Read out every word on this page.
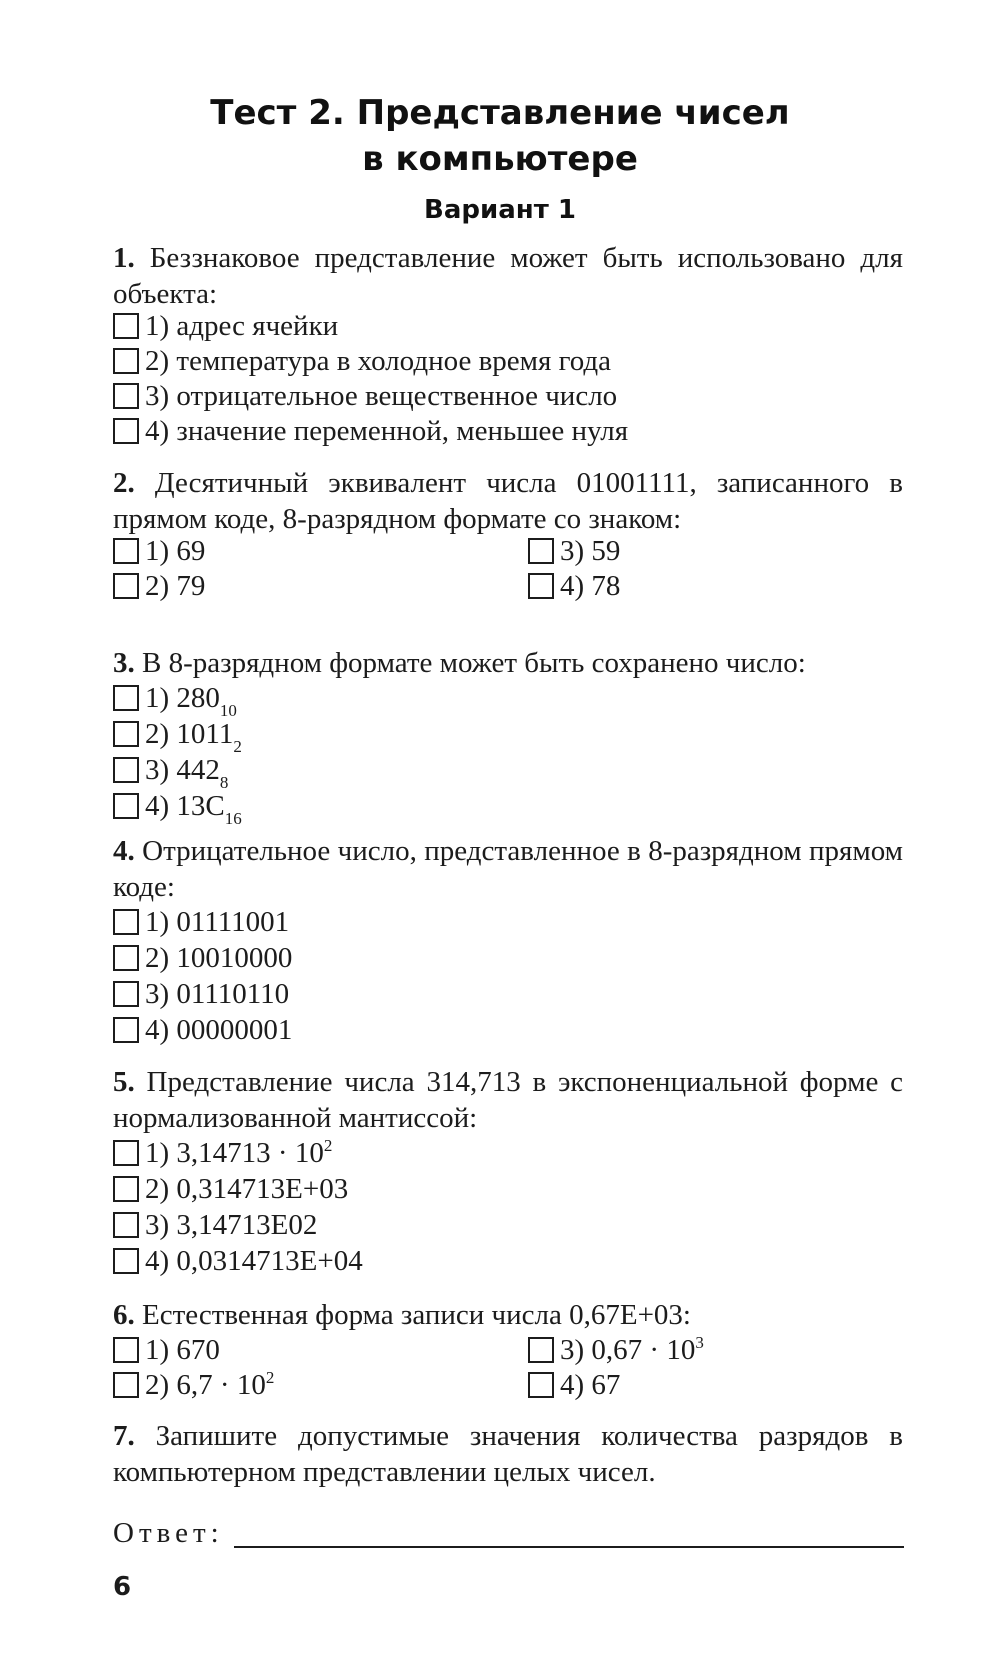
Тест 2. Представление чисел
в компьютере
Вариант 1
1. Беззнаковое представление может быть использовано для объекта:
1) адрес ячейки
2) температура в холодное время года
3) отрицательное вещественное число
4) значение переменной, меньшее нуля
2. Десятичный эквивалент числа 01001111, записанного в прямом коде, 8-разрядном формате со знаком:
1) 69
2) 79
3) 59
4) 78
3. В 8-разрядном формате может быть сохранено число:
1) $280_{10}$
2) $1011_2$
3) $442_8$
4) $13C_{16}$
4. Отрицательное число, представленное в 8-разрядном прямом коде:
1) 01111001
2) 10010000
3) 01110110
4) 00000001
5. Представление числа 314,713 в экспоненциальной форме с нормализованной мантиссой:
1) $3,14713 \cdot 10^2$
2) 0,314713E+03
3) 3,14713E02
4) 0,0314713E+04
6. Естественная форма записи числа 0,67E+03:
1) 670
2) $6,7 \cdot 10^2$
3) $0,67 \cdot 10^3$
4) 67
7. Запишите допустимые значения количества разрядов в компьютерном представлении целых чисел.
Ответ:
6
